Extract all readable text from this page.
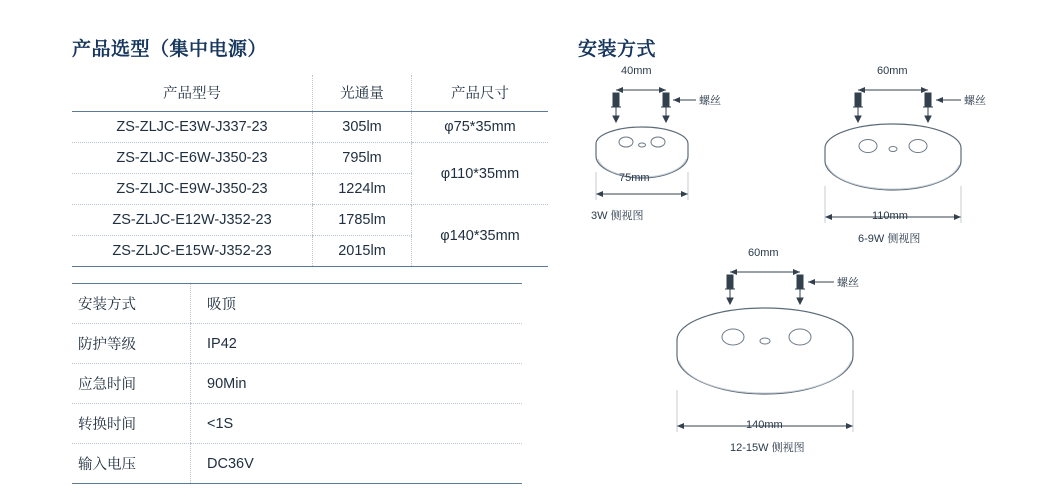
产品选型（集中电源）
产品型号	光通量	产品尺寸
ZS-ZLJC-E3W-J337-23	305lm	φ75*35mm
ZS-ZLJC-E6W-J350-23	795lm	φ110*35mm
ZS-ZLJC-E9W-J350-23	1224lm	
ZS-ZLJC-E12W-J352-23	1785lm	φ140*35mm
ZS-ZLJC-E15W-J352-23	2015lm	
安装方式	吸顶
防护等级	IP42
应急时间	90Min
转换时间	<1S
输入电压	DC36V
安装方式
40mm
75mm
螺丝
3W 侧视图
60mm
110mm
螺丝
6-9W 侧视图
60mm
140mm
螺丝
12-15W 侧视图
